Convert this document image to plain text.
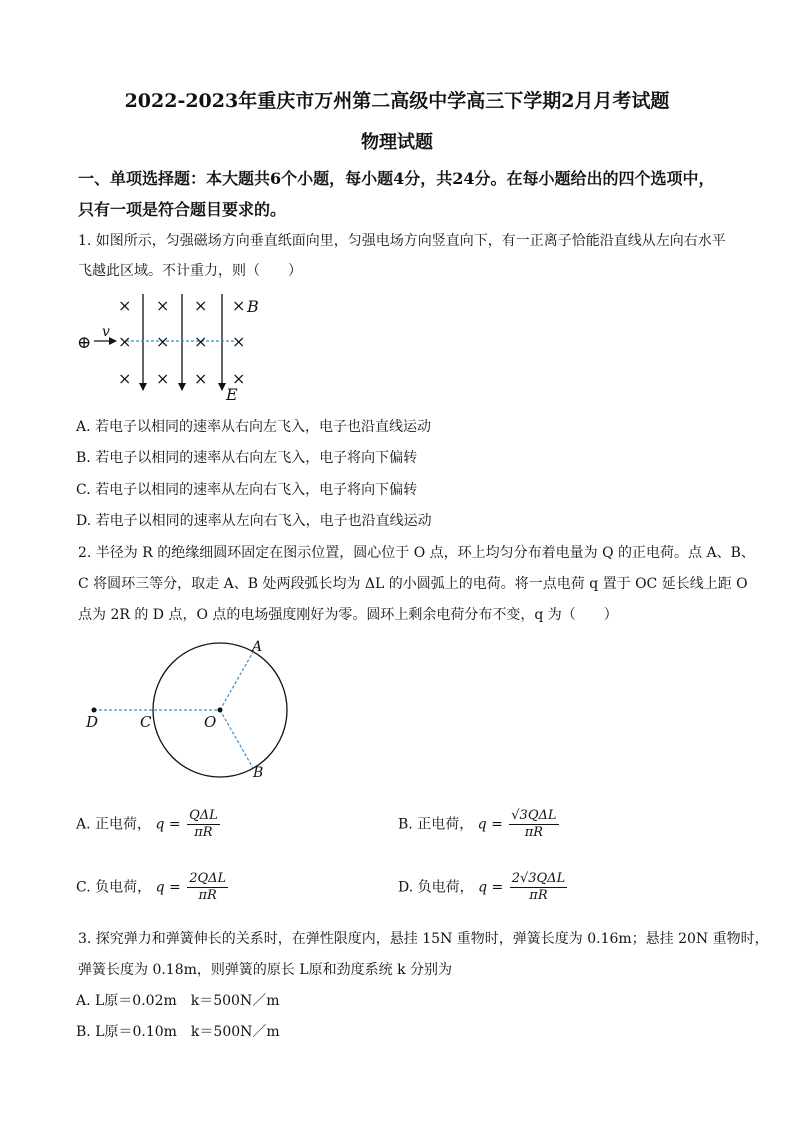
2022-2023年重庆市万州第二高级中学高三下学期2月月考试题
物理试题
一、单项选择题：本大题共6个小题，每小题4分，共24分。在每小题给出的四个选项中，
只有一项是符合题目要求的。
1. 如图所示，匀强磁场方向垂直纸面向里，匀强电场方向竖直向下，有一正离子恰能沿直线从左向右水平
飞越此区域。不计重力，则（　　）
× × × ×
× × × ×
× × × ×
⊕
v
B
E
A. 若电子以相同的速率从右向左飞入，电子也沿直线运动
B. 若电子以相同的速率从右向左飞入，电子将向下偏转
C. 若电子以相同的速率从左向右飞入，电子将向下偏转
D. 若电子以相同的速率从左向右飞入，电子也沿直线运动
2. 半径为 R 的绝缘细圆环固定在图示位置，圆心位于 O 点，环上均匀分布着电量为 Q 的正电荷。点 A、B、
C 将圆环三等分，取走 A、B 处两段弧长均为 ΔL 的小圆弧上的电荷。将一点电荷 q 置于 OC 延长线上距 O
点为 2R 的 D 点，O 点的电场强度刚好为零。圆环上剩余电荷分布不变，q 为（　　）
A
B
C
D	O
A. 正电荷， $q = \frac{\text{QΔL}}{\pi R}$	B. 正电荷， $q = \frac{\text{√3QΔL}}{\pi R}$
C. 负电荷， $q = \frac{\text{2QΔL}}{\pi R}$	D. 负电荷， $q = \frac{\text{2√3QΔL}}{\pi R}$
3. 探究弹力和弹簧伸长的关系时，在弹性限度内，悬挂 15N 重物时，弹簧长度为 0.16m；悬挂 20N 重物时，
弹簧长度为 0.18m，则弹簧的原长 L原和劲度系统 k 分别为
A. L原＝0.02m　k＝500N／m
B. L原＝0.10m　k＝500N／m
